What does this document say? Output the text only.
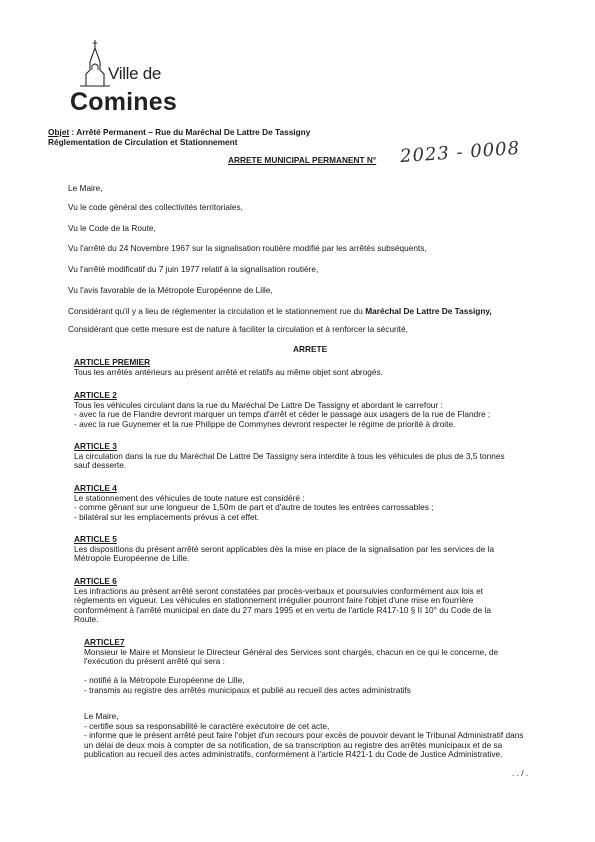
Ville de
Comines
Objet : Arrêté Permanent – Rue du Maréchal De Lattre De Tassigny
Réglementation de Circulation et Stationnement
ARRETE MUNICIPAL PERMANENT N° 2023 - 0008
Le Maire,
Vu le code général des collectivités territoriales,
Vu le Code de la Route,
Vu l'arrêté du 24 Novembre 1967 sur la signalisation routière modifié par les arrêtés subséquents,
Vu l'arrêté modificatif du 7 juin 1977 relatif à la signalisation routière,
Vu l'avis favorable de la Métropole Européenne de Lille,
Considérant qu'il y a lieu de réglementer la circulation et le stationnement rue du Maréchal De Lattre De Tassigny,
Considérant que cette mesure est de nature à faciliter la circulation et à renforcer la sécurité,
ARRETE
ARTICLE PREMIER
Tous les arrêtés antérieurs au présent arrêté et relatifs au même objet sont abrogés.
ARTICLE 2
Tous les véhicules circulant dans la rue du Maréchal De Lattre De Tassigny et abordant le carrefour :
- avec la rue de Flandre devront marquer un temps d'arrêt et céder le passage aux usagers de la rue de Flandre ;
- avec la rue Guynemer et la rue Philippe de Commynes devront respecter le régime de priorité à droite.
ARTICLE 3
La circulation dans la rue du Maréchal De Lattre De Tassigny sera interdite à tous les véhicules de plus de 3,5 tonnes
sauf desserte.
ARTICLE 4
Le stationnement des véhicules de toute nature est considéré :
- comme gênant sur une longueur de 1,50m de part et d'autre de toutes les entrées carrossables ;
- bilatéral sur les emplacements prévus à cet effet.
ARTICLE 5
Les dispositions du présent arrêté seront applicables dès la mise en place de la signalisation par les services de la
Métropole Européenne de Lille.
ARTICLE 6
Les infractions au présent arrêté seront constatées par procès-verbaux et poursuivies conformément aux lois et
règlements en vigueur. Les véhicules en stationnement irrégulier pourront faire l'objet d'une mise en fourrière
conformément à l'arrêté municipal en date du 27 mars 1995 et en vertu de l'article R417-10 § II 10° du Code de la
Route.
ARTICLE7
Monsieur le Maire et Monsieur le Directeur Général des Services sont chargés, chacun en ce qui le concerne, de
l'exécution du présent arrêté qui sera :
- notifié à la Métropole Européenne de Lille,
- transmis au registre des arrêtés municipaux et publié au recueil des actes administratifs
Le Maire,
- certifie sous sa responsabilité le caractère exécutoire de cet acte,
- informe que le présent arrêté peut faire l'objet d'un recours pour excès de pouvoir devant le Tribunal Administratif dans
un délai de deux mois à compter de sa notification, de sa transcription au registre des arrêtés municipaux et de sa
publication au recueil des actes administratifs, conformément à l'article R421-1 du Code de Justice Administrative.
. . / .
